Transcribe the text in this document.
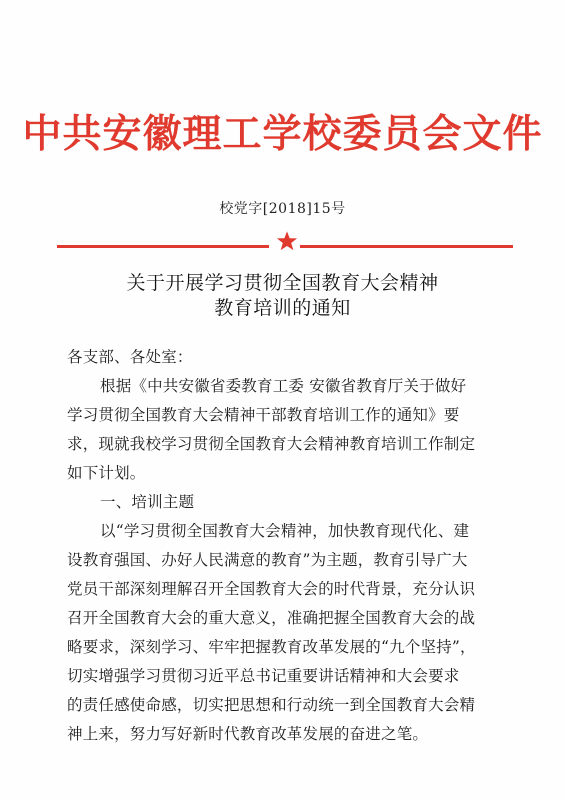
中共安徽理工学校委员会文件
校党字[2018]15号
关于开展学习贯彻全国教育大会精神
教育培训的通知
各支部、各处室：
根据《中共安徽省委教育工委 安徽省教育厅关于做好
学习贯彻全国教育大会精神干部教育培训工作的通知》要
求，现就我校学习贯彻全国教育大会精神教育培训工作制定
如下计划。
一、培训主题
以“学习贯彻全国教育大会精神，加快教育现代化、建
设教育强国、办好人民满意的教育”为主题，教育引导广大
党员干部深刻理解召开全国教育大会的时代背景，充分认识
召开全国教育大会的重大意义，准确把握全国教育大会的战
略要求，深刻学习、牢牢把握教育改革发展的“九个坚持”，
切实增强学习贯彻习近平总书记重要讲话精神和大会要求
的责任感使命感，切实把思想和行动统一到全国教育大会精
神上来，努力写好新时代教育改革发展的奋进之笔。
